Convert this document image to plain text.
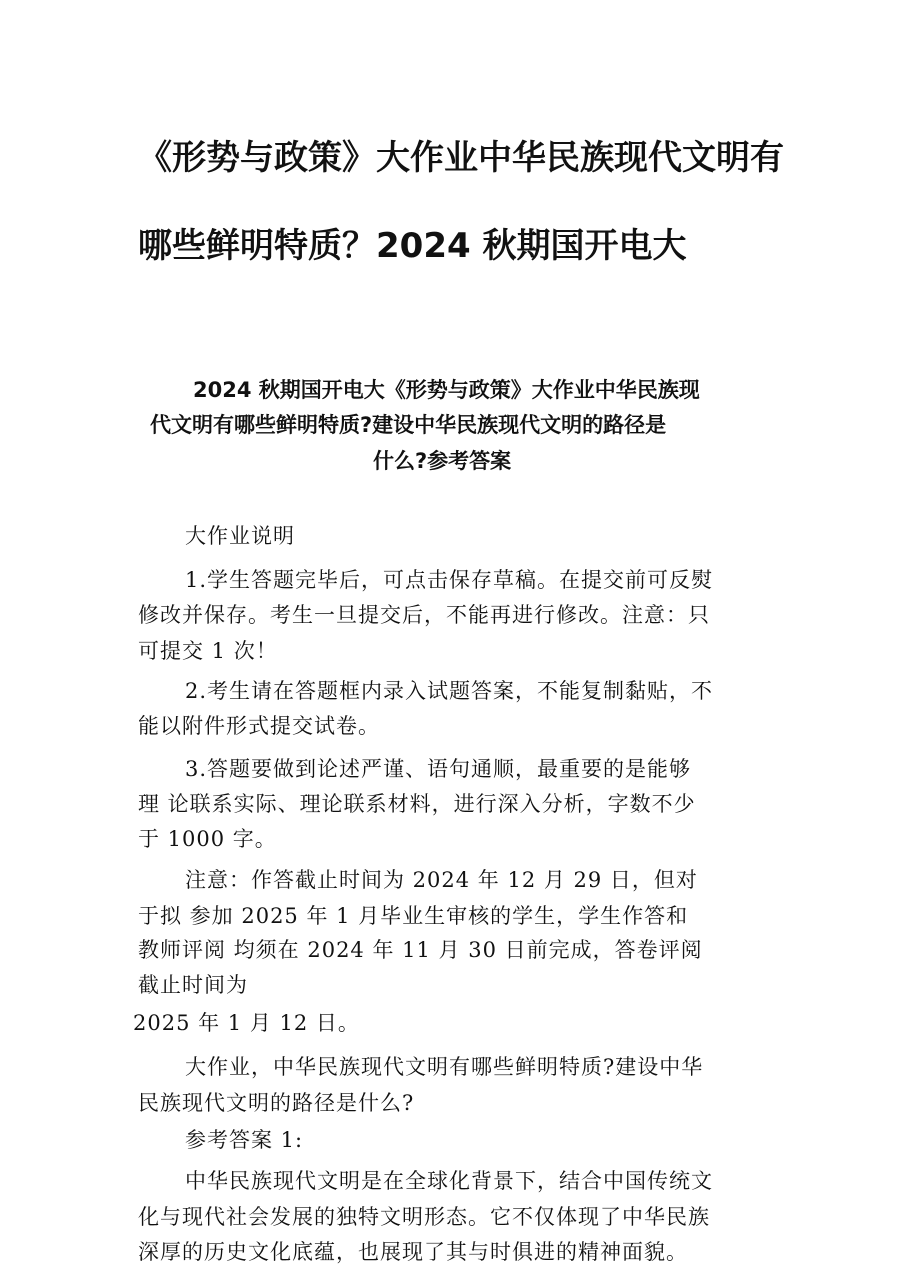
《形势与政策》大作业中华民族现代文明有
哪些鲜明特质？2024 秋期国开电大
2024 秋期国开电大《形势与政策》大作业中华民族现
代文明有哪些鲜明特质?建设中华民族现代文明的路径是
什么?参考答案
大作业说明
1.学生答题完毕后，可点击保存草稿。在提交前可反熨
修改并保存。考生一旦提交后，不能再进行修改。注意：只
可提交 1 次！
2.考生请在答题框内录入试题答案，不能复制黏贴，不
能以附件形式提交试卷。
3.答题要做到论述严谨、语句通顺，最重要的是能够
理 论联系实际、理论联系材料，进行深入分析，字数不少
于 1000 字。
注意：作答截止时间为 2024 年 12 月 29 日，但对
于拟 参加 2025 年 1 月毕业生审核的学生，学生作答和
教师评阅 均须在 2024 年 11 月 30 日前完成，答卷评阅
截止时间为
2025 年 1 月 12 日。
大作业，中华民族现代文明有哪些鲜明特质?建设中华
民族现代文明的路径是什么?
参考答案 1:
中华民族现代文明是在全球化背景下，结合中国传统文
化与现代社会发展的独特文明形态。它不仅体现了中华民族
深厚的历史文化底蕴，也展现了其与时俱进的精神面貌。
